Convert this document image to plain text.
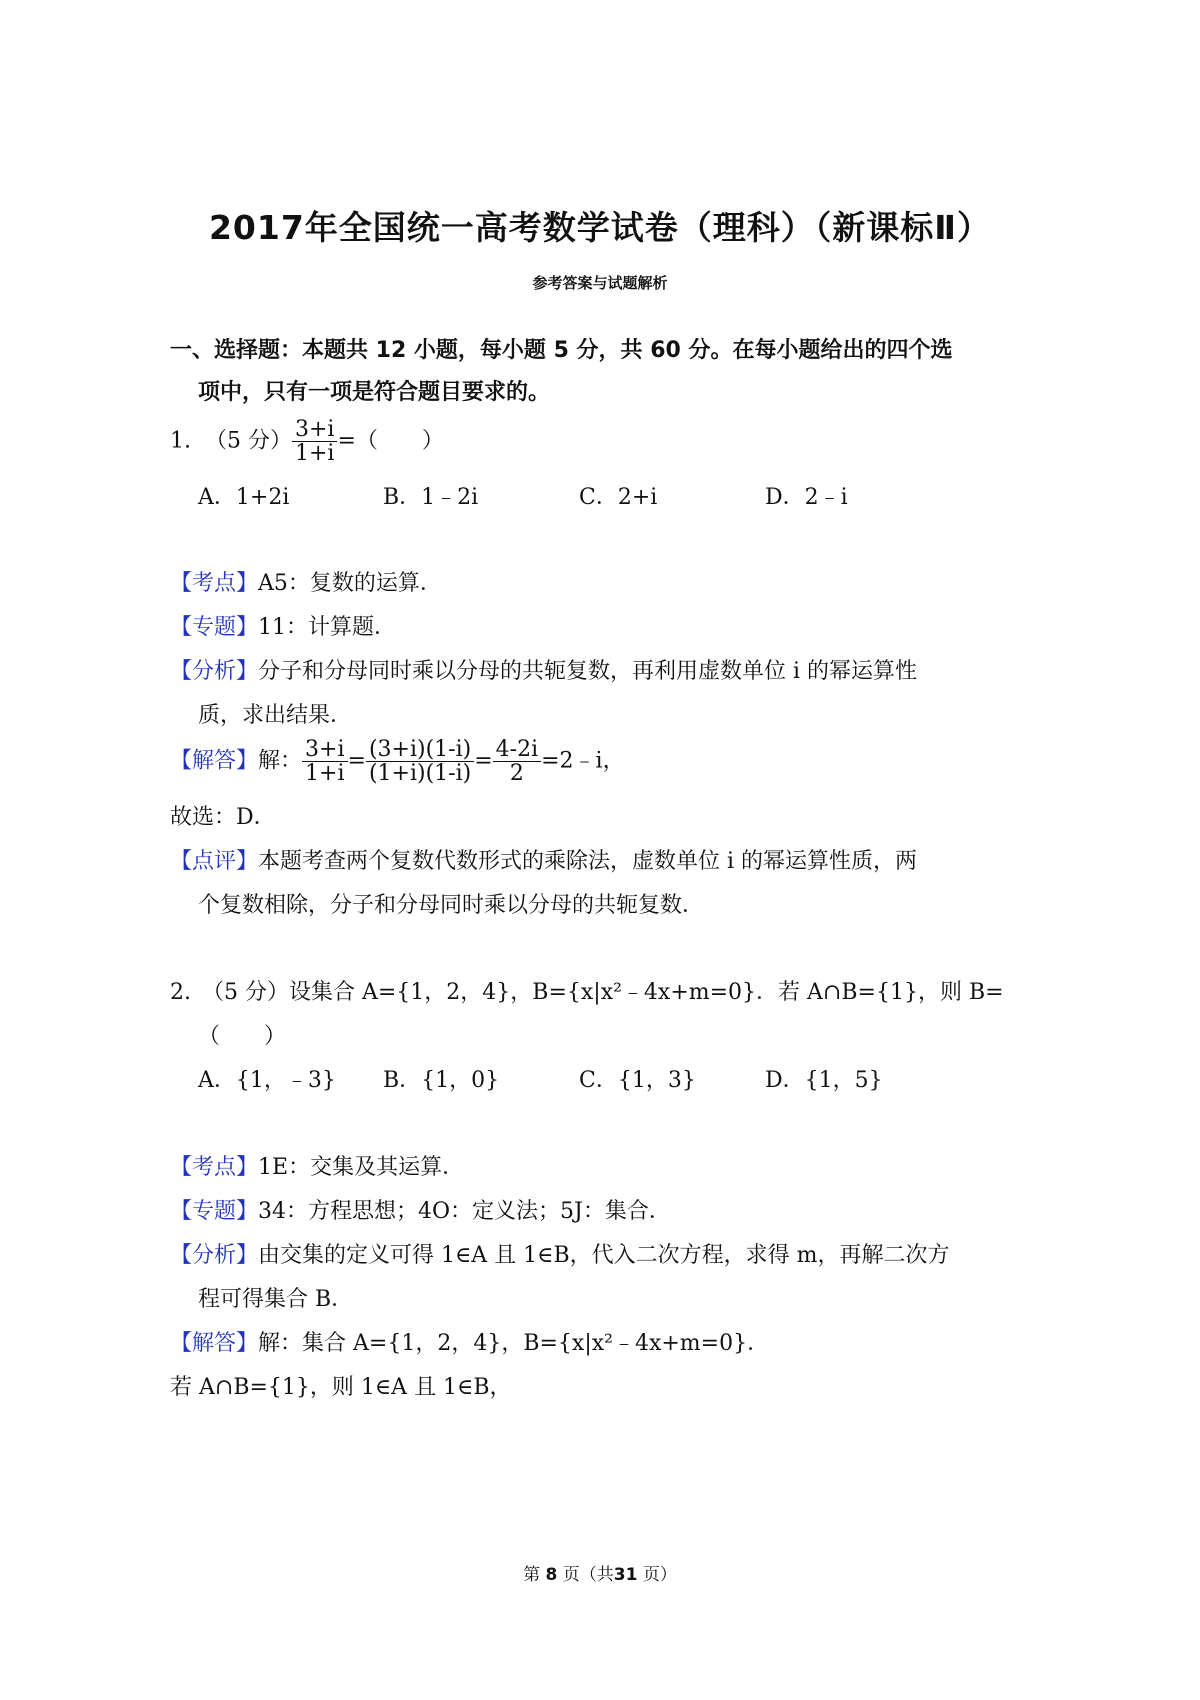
2017年全国统一高考数学试卷（理科）（新课标Ⅱ）
参考答案与试题解析
一、选择题：本题共 12 小题，每小题 5 分，共 60 分。在每小题给出的四个选
项中，只有一项是符合题目要求的。
1. （5 分） $\frac{3+i}{1+i}$ =（　　）
A．1+2i	B．1﹣2i	C．2+i	D．2﹣i
【考点】A5：复数的运算．
【专题】11：计算题．
【分析】分子和分母同时乘以分母的共轭复数，再利用虚数单位 i 的幂运算性
质，求出结果．
【解答】解： $\frac{3+i}{1+i} = \frac{(3+i)(1-i)}{(1+i)(1-i)} = \frac{4-2i}{2}$ =2﹣i，
故选：D．
【点评】本题考查两个复数代数形式的乘除法，虚数单位 i 的幂运算性质，两
个复数相除，分子和分母同时乘以分母的共轭复数．
2.　（5 分）设集合 A={1，2，4}，B={x|x²﹣4x+m=0}．若 A∩B={1}，则 B=
（　　）
A．{1，﹣3} B．{1，0}	C．{1，3}	D．{1，5}
【考点】1E：交集及其运算．
【专题】34：方程思想；4O：定义法；5J：集合．
【分析】由交集的定义可得 1∈A 且 1∈B，代入二次方程，求得 m，再解二次方
程可得集合 B．
【解答】解：集合 A={1，2，4}，B={x|x²﹣4x+m=0}．
若 A∩B={1}，则 1∈A 且 1∈B，
第 8 页（共31 页）
